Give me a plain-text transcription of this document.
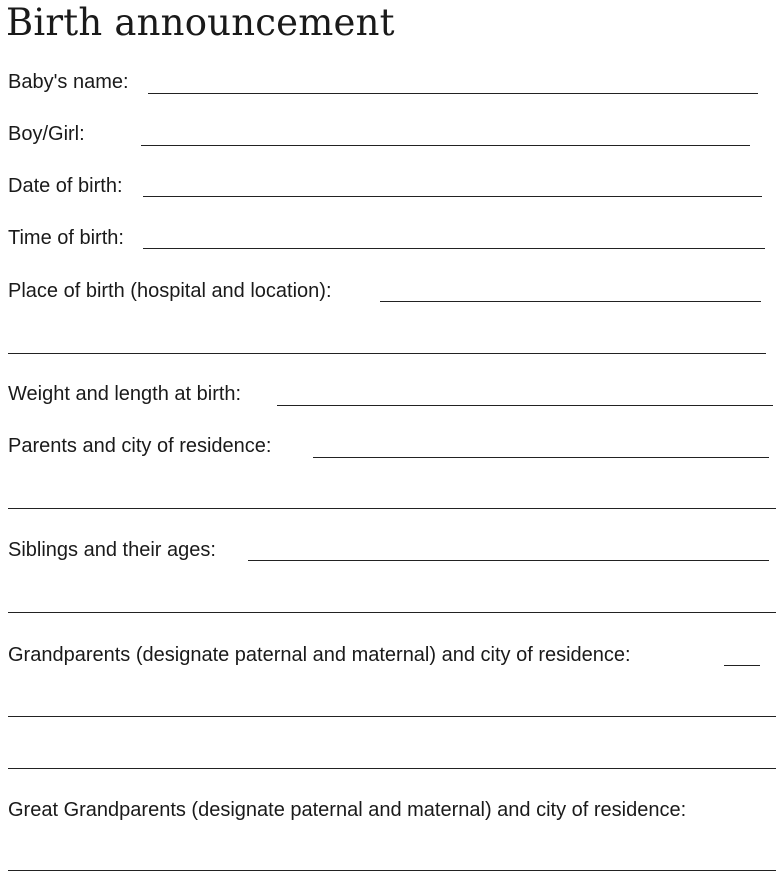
Birth announcement
Baby's name:
Boy/Girl:
Date of birth:
Time of birth:
Place of birth (hospital and location):
Weight and length at birth:
Parents and city of residence:
Siblings and their ages:
Grandparents (designate paternal and maternal) and city of residence:
Great Grandparents (designate paternal and maternal) and city of residence:
